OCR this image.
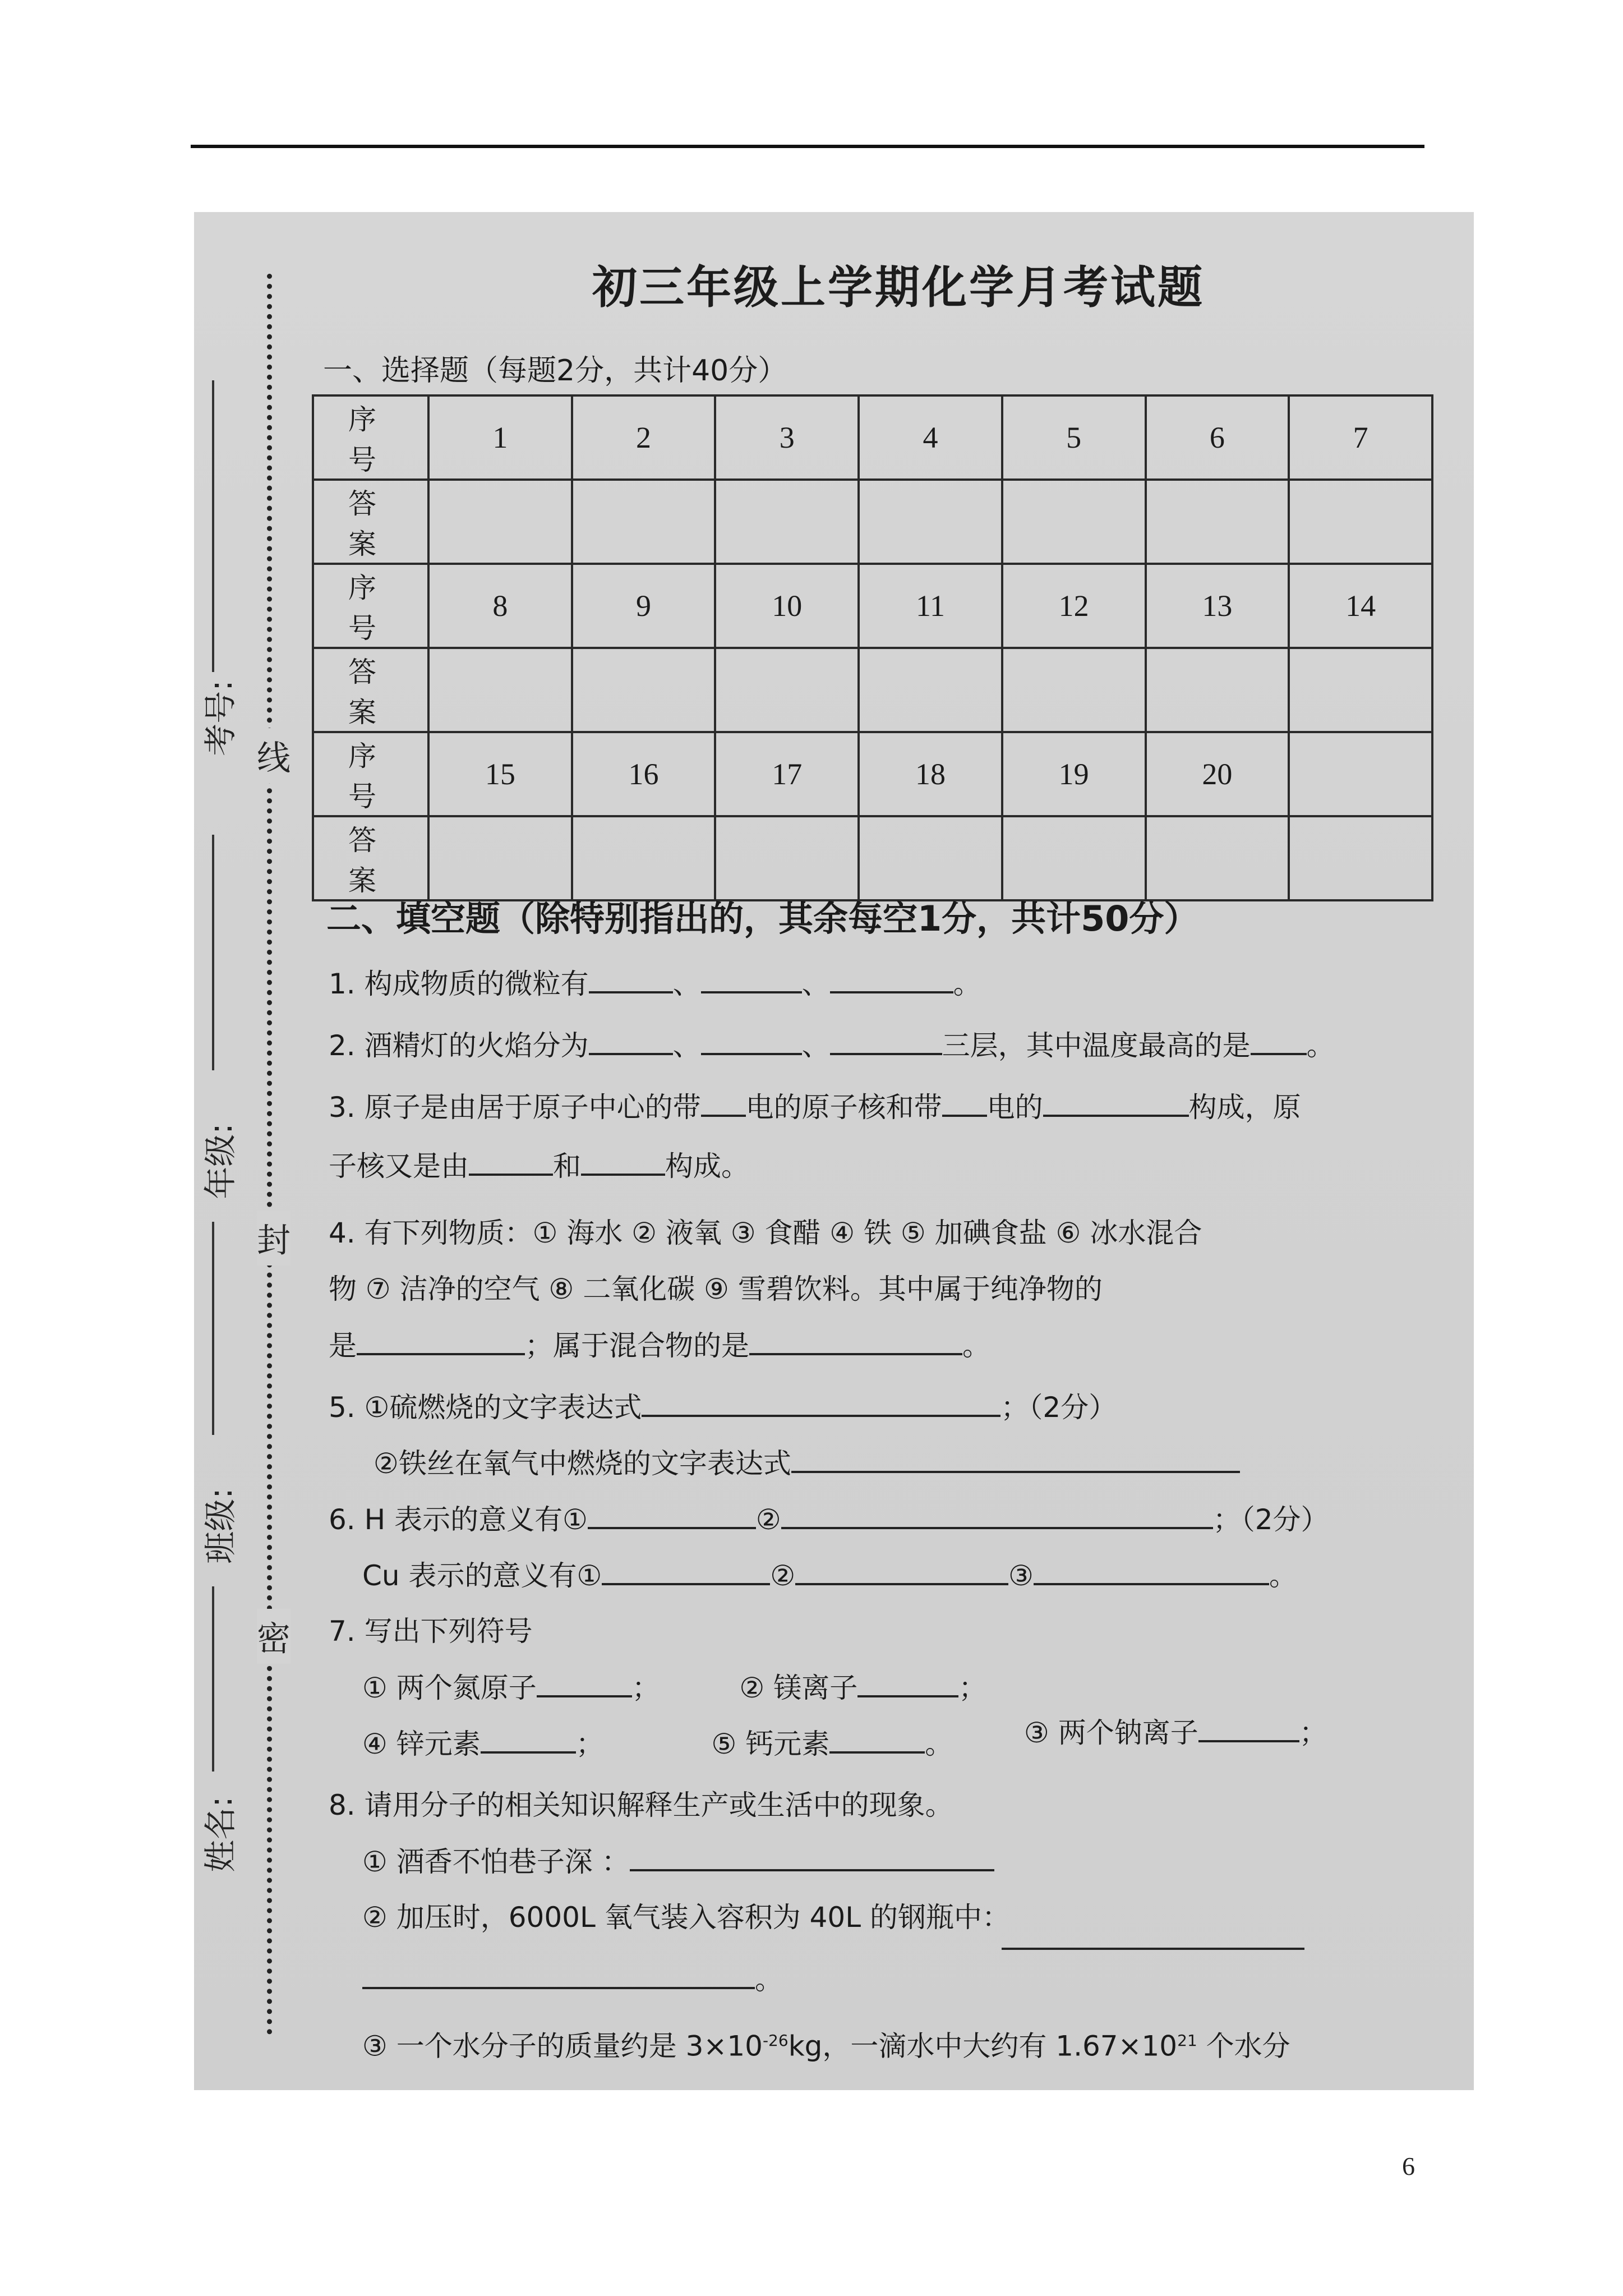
姓名:
班级:
年级:
考号:
线
封
密
初三年级上学期化学月考试题
一、选择题（每题2分，共计40分）
序 号	1	2	3	4	5	6	7
答 案							
序 号	8	9	10	11	12	13	14
答 案							
序 号	15	16	17	18	19	20	
答 案							
二、填空题（除特别指出的，其余每空1分，共计50分）
1. 构成物质的微粒有	、	、	。
2. 酒精灯的火焰分为	、	、	三层，其中温度最高的是 。
3. 原子是由居于原子中心的带 电的原子核和带 电的	构成，原
子核又是由	和	构成。
4. 有下列物质：① 海水 ② 液氧 ③ 食醋 ④ 铁 ⑤ 加碘食盐 ⑥ 冰水混合
物 ⑦ 洁净的空气 ⑧ 二氧化碳 ⑨ 雪碧饮料。其中属于纯净物的
是	；属于混合物的是	。
5. ①硫燃烧的文字表达式	；（2分）
②铁丝在氧气中燃烧的文字表达式
6. H 表示的意义有①	②	；（2分）
Cu 表示的意义有①	②	③	。
7. 写出下列符号
① 两个氮原子	；	② 镁离子	；
③ 两个钠离子	；
④ 锌元素	；	⑤ 钙元素	。
8. 请用分子的相关知识解释生产或生活中的现象。
① 酒香不怕巷子深 ：
② 加压时，6000L 氧气装入容积为 40L 的钢瓶中：
。
③ 一个水分子的质量约是 $3\times 10^{-26}kg$，一滴水中大约有 $1.67\times 10^{21}$ 个水分
6
